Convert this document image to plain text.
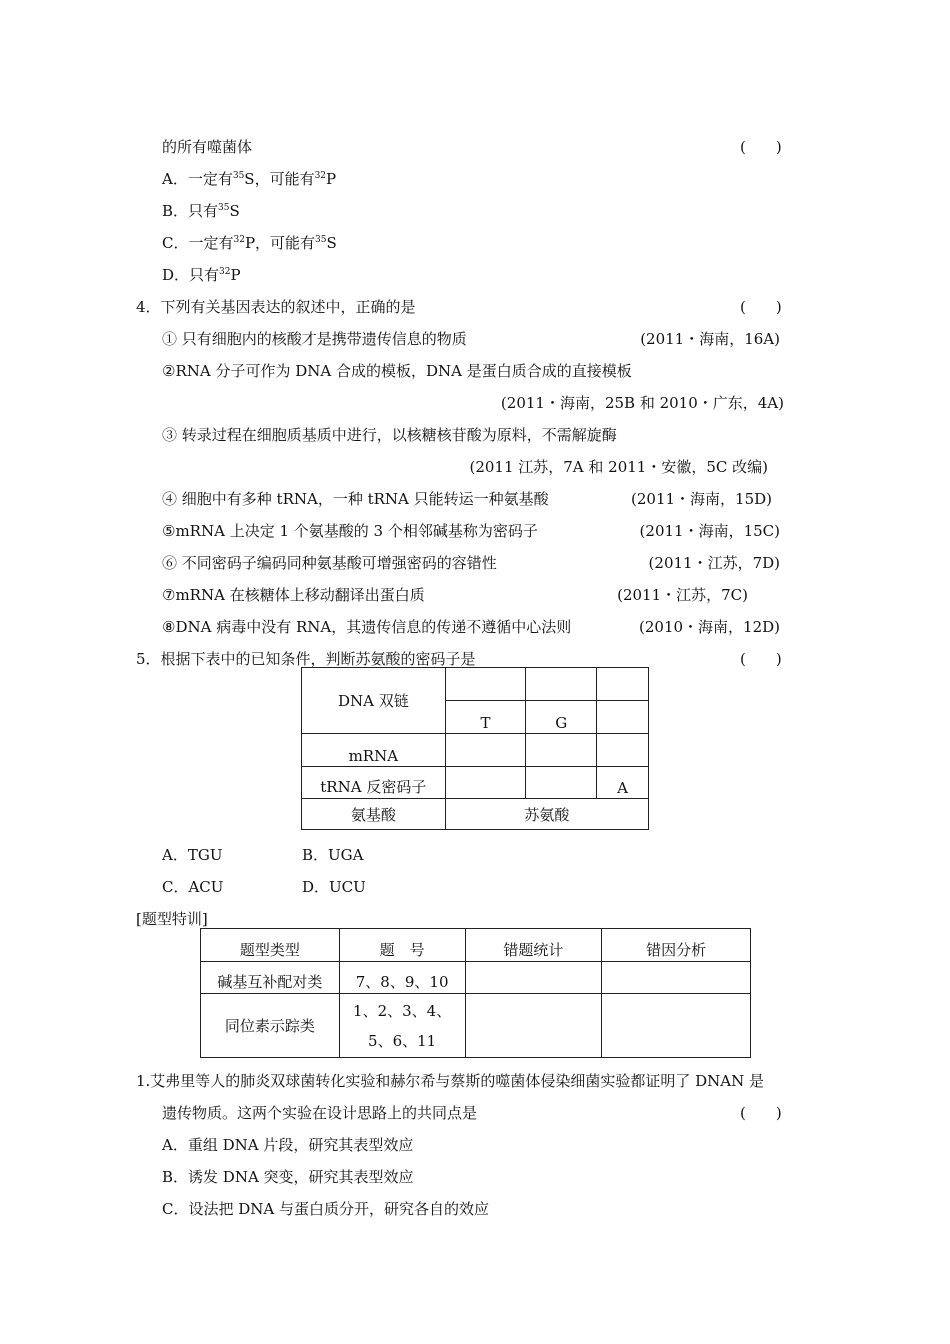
的所有噬菌体	(　　)
A．一定有$^{35}$S，可能有$^{32}$P
B．只有$^{35}$S
C．一定有$^{32}$P，可能有$^{35}$S
D．只有$^{32}$P
4．下列有关基因表达的叙述中，正确的是	(　　)
① 只有细胞内的核酸才是携带遗传信息的物质	(2011・海南，16A)
②RNA 分子可作为 DNA 合成的模板，DNA 是蛋白质合成的直接模板
(2011・海南，25B 和 2010・广东，4A)
③ 转录过程在细胞质基质中进行，以核糖核苷酸为原料，不需解旋酶
(2011 江苏，7A 和 2011・安徽，5C 改编)
④ 细胞中有多种 tRNA，一种 tRNA 只能转运一种氨基酸	(2011・海南，15D)
⑤mRNA 上决定 1 个氨基酸的 3 个相邻碱基称为密码子	(2011・海南，15C)
⑥ 不同密码子编码同种氨基酸可增强密码的容错性	(2011・江苏，7D)
⑦mRNA 在核糖体上移动翻译出蛋白质	(2011・江苏，7C)
⑧DNA 病毒中没有 RNA，其遗传信息的传递不遵循中心法则	(2010・海南，12D)
5．根据下表中的已知条件，判断苏氨酸的密码子是	(　　)
DNA 双链			
	T	G	
mRNA			
tRNA 反密码子			A
氨基酸	苏氨酸		
A．TGU	B．UGA
C．ACU	D．UCU
[题型特训]
题型类型	题　号	错题统计	错因分析
碱基互补配对类	7、8、9、10		
同位素示踪类	1、2、3、4、
5、6、11		

1.艾弗里等人的肺炎双球菌转化实验和赫尔希与蔡斯的噬菌体侵染细菌实验都证明了 DNAN 是
遗传物质。这两个实验在设计思路上的共同点是	(　　)
A．重组 DNA 片段，研究其表型效应
B．诱发 DNA 突变，研究其表型效应
C．设法把 DNA 与蛋白质分开，研究各自的效应
